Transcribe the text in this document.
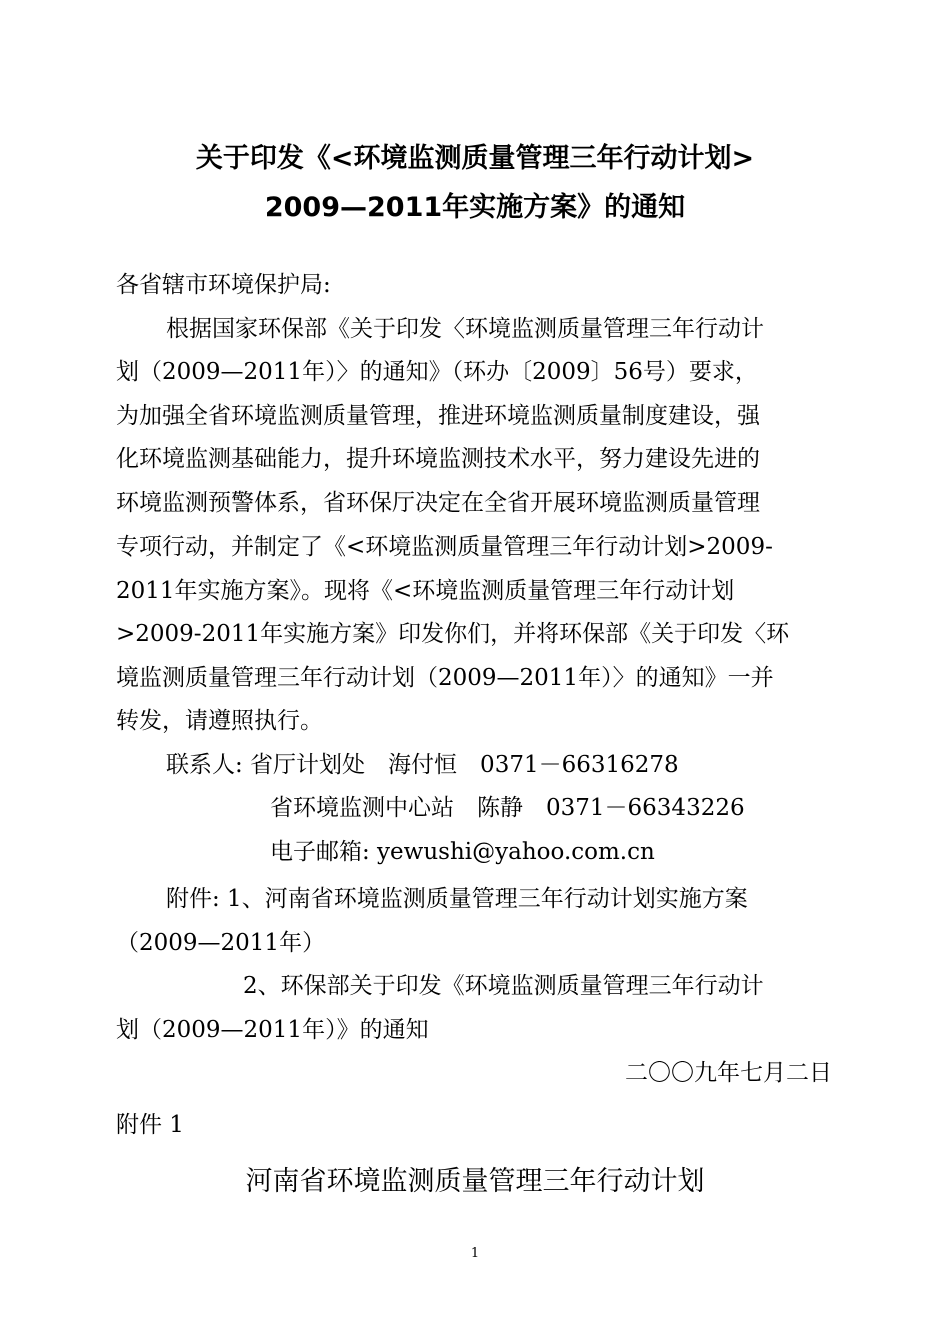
关于印发《<环境监测质量管理三年行动计划>
2009—2011年实施方案》的通知
各省辖市环境保护局:
根据国家环保部《关于印发〈环境监测质量管理三年行动计
划（2009—2011年）〉的通知》（环办〔2009〕56号）要求，
为加强全省环境监测质量管理，推进环境监测质量制度建设，强
化环境监测基础能力，提升环境监测技术水平，努力建设先进的
环境监测预警体系，省环保厅决定在全省开展环境监测质量管理
专项行动，并制定了《<环境监测质量管理三年行动计划>2009-
2011年实施方案》。现将《<环境监测质量管理三年行动计划
>2009-2011年实施方案》印发你们，并将环保部《关于印发〈环
境监测质量管理三年行动计划（2009—2011年）〉的通知》一并
转发，请遵照执行。
联系人: 省厅计划处　海付恒　0371－66316278
省环境监测中心站　陈静　0371－66343226
电子邮箱: yewushi@yahoo.com.cn
附件: 1、河南省环境监测质量管理三年行动计划实施方案
（2009—2011年）
2、环保部关于印发《环境监测质量管理三年行动计
划（2009—2011年）》的通知
二〇〇九年七月二日
附件 1
河南省环境监测质量管理三年行动计划
1
